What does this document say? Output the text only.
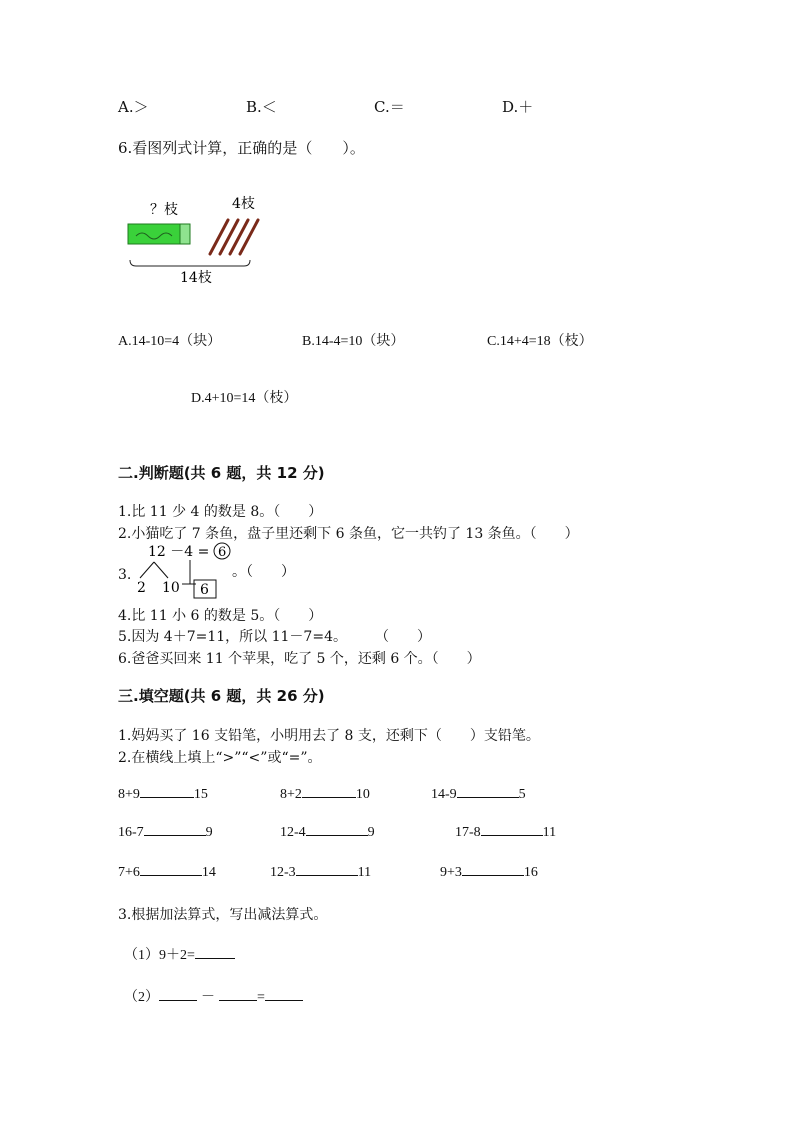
A.＞	B.＜	C.＝	D.＋
6.看图列式计算，正确的是（　　）。
？枝	4枝
14枝
A.14-10=4（块）	B.14-4=10（块）	C.14+4=18（枝）
D.4+10=14（枝）
二.判断题(共 6 题，共 12 分)
1.比 11 少 4 的数是 8。（　　）
2.小猫吃了 7 条鱼，盘子里还剩下 6 条鱼，它一共钓了 13 条鱼。（　　）
3.
12 －4 = 6
2 10 6
。（　　）
4.比 11 小 6 的数是 5。（　　）
5.因为 4＋7=11，所以 11－7=4。　　　（　　）
6.爸爸买回来 11 个苹果，吃了 5 个，还剩 6 个。（　　）
三.填空题(共 6 题，共 26 分)
1.妈妈买了 16 支铅笔，小明用去了 8 支，还剩下（　　）支铅笔。
2.在横线上填上“>”“<”或“=”。
8+9	15	8+2	10	14-9	5
16-7	9	12-4	9	17-8	11
7+6	14	12-3	11	9+3	16
3.根据加法算式，写出减法算式。
（1）9＋2=
（2）	－	=
